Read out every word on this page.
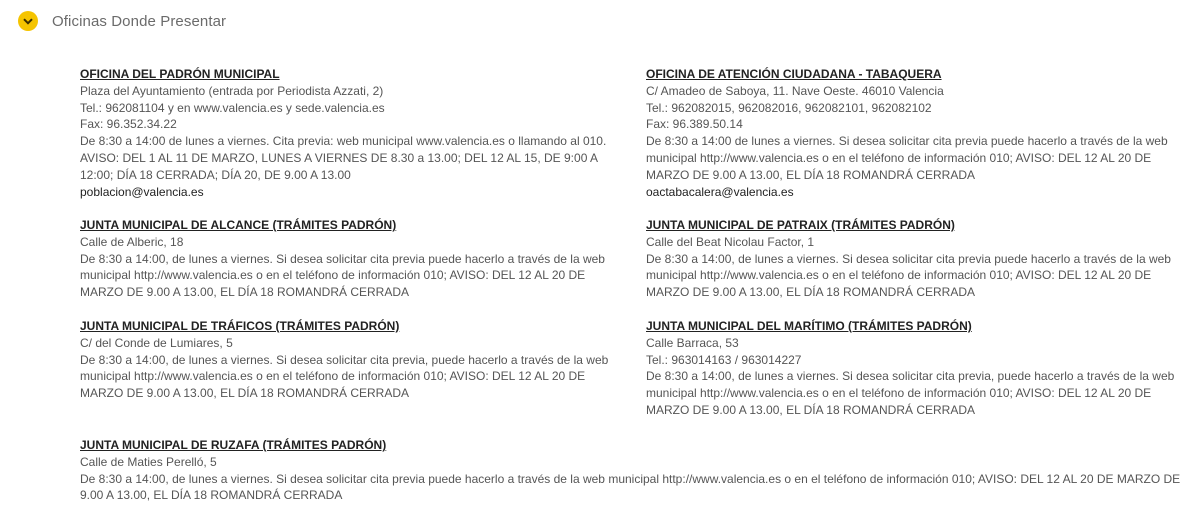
Oficinas Donde Presentar
OFICINA DEL PADRÓN MUNICIPAL
Plaza del Ayuntamiento (entrada por Periodista Azzati, 2)
Tel.: 962081104 y en www.valencia.es y sede.valencia.es
Fax: 96.352.34.22
De 8:30 a 14:00 de lunes a viernes. Cita previa: web municipal www.valencia.es o llamando al 010. AVISO: DEL 1 AL 11 DE MARZO, LUNES A VIERNES DE 8.30 a 13.00; DEL 12 AL 15, DE 9:00 A 12:00; DÍA 18 CERRADA; DÍA 20, DE 9.00 A 13.00
poblacion@valencia.es
OFICINA DE ATENCIÓN CIUDADANA - TABAQUERA
C/ Amadeo de Saboya, 11. Nave Oeste. 46010 Valencia
Tel.: 962082015, 962082016, 962082101, 962082102
Fax: 96.389.50.14
De 8:30 a 14:00 de lunes a viernes. Si desea solicitar cita previa puede hacerlo a través de la web municipal http://www.valencia.es o en el teléfono de información 010; AVISO: DEL 12 AL 20 DE MARZO DE 9.00 A 13.00, EL DÍA 18 ROMANDRÁ CERRADA
oactabacalera@valencia.es
JUNTA MUNICIPAL DE ALCANCE (TRÁMITES PADRÓN)
Calle de Alberic, 18
De 8:30 a 14:00, de lunes a viernes. Si desea solicitar cita previa puede hacerlo a través de la web municipal http://www.valencia.es o en el teléfono de información 010; AVISO: DEL 12 AL 20 DE MARZO DE 9.00 A 13.00, EL DÍA 18 ROMANDRÁ CERRADA
JUNTA MUNICIPAL DE PATRAIX (TRÁMITES PADRÓN)
Calle del Beat Nicolau Factor, 1
De 8:30 a 14:00, de lunes a viernes. Si desea solicitar cita previa puede hacerlo a través de la web municipal http://www.valencia.es o en el teléfono de información 010; AVISO: DEL 12 AL 20 DE MARZO DE 9.00 A 13.00, EL DÍA 18 ROMANDRÁ CERRADA
JUNTA MUNICIPAL DE TRÁFICOS (TRÁMITES PADRÓN)
C/ del Conde de Lumiares, 5
De 8:30 a 14:00, de lunes a viernes. Si desea solicitar cita previa, puede hacerlo a través de la web municipal http://www.valencia.es o en el teléfono de información 010; AVISO: DEL 12 AL 20 DE MARZO DE 9.00 A 13.00, EL DÍA 18 ROMANDRÁ CERRADA
JUNTA MUNICIPAL DEL MARÍTIMO (TRÁMITES PADRÓN)
Calle Barraca, 53
Tel.: 963014163 / 963014227
De 8:30 a 14:00, de lunes a viernes. Si desea solicitar cita previa, puede hacerlo a través de la web municipal http://www.valencia.es o en el teléfono de información 010; AVISO: DEL 12 AL 20 DE MARZO DE 9.00 A 13.00, EL DÍA 18 ROMANDRÁ CERRADA
JUNTA MUNICIPAL DE RUZAFA (TRÁMITES PADRÓN)
Calle de Maties Perelló, 5
De 8:30 a 14:00, de lunes a viernes. Si desea solicitar cita previa puede hacerlo a través de la web municipal http://www.valencia.es o en el teléfono de información 010; AVISO: DEL 12 AL 20 DE MARZO DE 9.00 A 13.00, EL DÍA 18 ROMANDRÁ CERRADA
